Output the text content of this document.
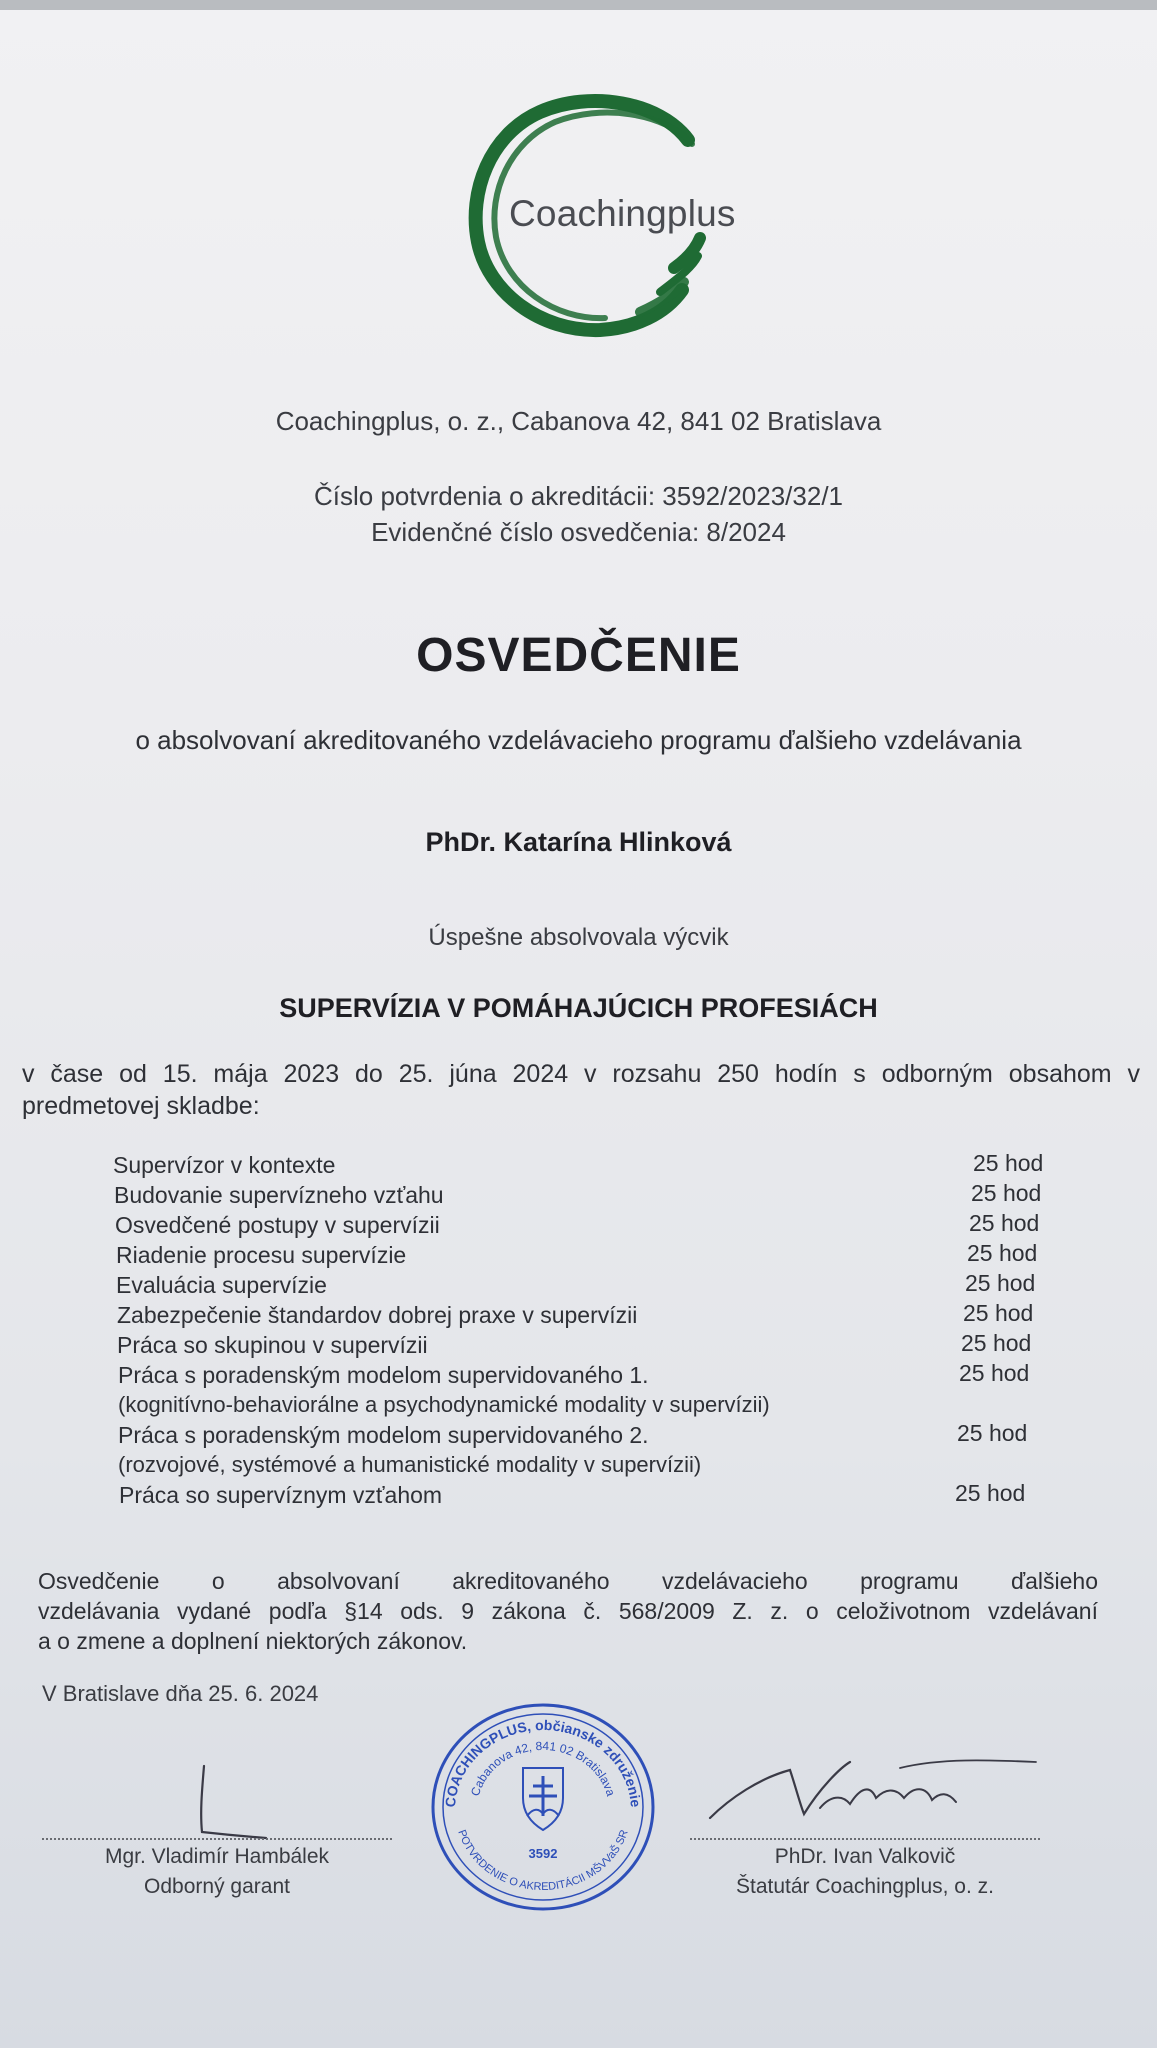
Coachingplus
Coachingplus, o. z., Cabanova 42, 841 02 Bratislava
Číslo potvrdenia o akreditácii: 3592/2023/32/1
Evidenčné číslo osvedčenia: 8/2024
OSVEDČENIE
o absolvovaní akreditovaného vzdelávacieho programu ďalšieho vzdelávania
PhDr. Katarína Hlinková
Úspešne absolvovala výcvik
SUPERVÍZIA V POMÁHAJÚCICH PROFESIÁCH
v čase od 15. mája 2023 do 25. júna 2024 v rozsahu 250 hodín s odborným obsahom v
predmetovej skladbe:
Supervízor v kontexte	25 hod
Budovanie supervízneho vzťahu	25 hod
Osvedčené postupy v supervízii	25 hod
Riadenie procesu supervízie	25 hod
Evaluácia supervízie	25 hod
Zabezpečenie štandardov dobrej praxe v supervízii	25 hod
Práca so skupinou v supervízii	25 hod
Práca s poradenským modelom supervidovaného 1.	25 hod
(kognitívno-behaviorálne a psychodynamické modality v supervízii)
Práca s poradenským modelom supervidovaného 2.	25 hod
(rozvojové, systémové a humanistické modality v supervízii)
Práca so supervíznym vzťahom	25 hod
Osvedčenie o absolvovaní akreditovaného vzdelávacieho programu ďalšieho
vzdelávania vydané podľa §14 ods. 9 zákona č. 568/2009 Z. z. o celoživotnom vzdelávaní
a o zmene a doplnení niektorých zákonov.
V Bratislave dňa 25. 6. 2024
Mgr. Vladimír Hambálek
Odborný garant
COACHINGPLUS, občianske združenie
Cabanova 42, 841 02 Bratislava
POTVRDENIE O AKREDITÁCII MŠVVaŠ SR
3592	PhDr. Ivan Valkovič
Štatutár Coachingplus, o. z.
